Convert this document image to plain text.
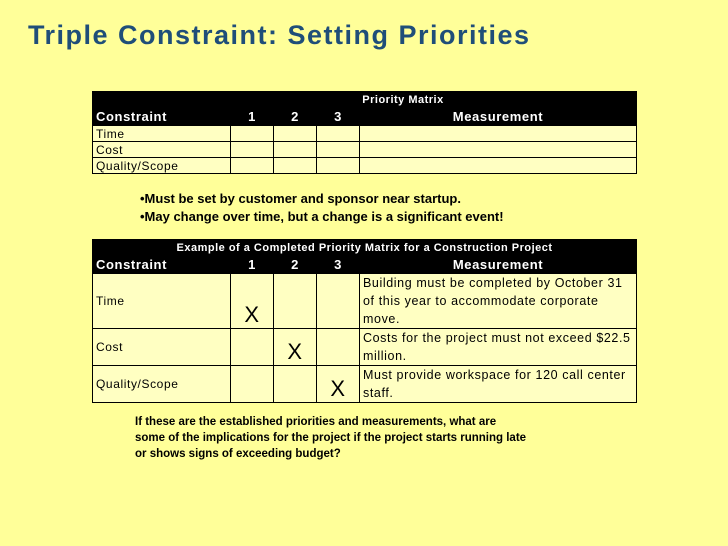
Triple Constraint: Setting Priorities
Priority Matrix				
Constraint	1	2	3	Measurement
Time				
Cost				
Quality/Scope				
•Must be set by customer and sponsor near startup.
•May change over time, but a change is a significant event!
Example of a Completed Priority Matrix for a Construction Project				
Constraint	1	2	3	Measurement
Time	X			Building must be completed by October 31 of this year to accommodate corporate move.
Cost		X		Costs for the project must not exceed $22.5 million.
Quality/Scope			X	Must provide workspace for 120 call center staff.
If these are the established priorities and measurements, what are
some of the implications for the project if the project starts running late
or shows signs of exceeding budget?
